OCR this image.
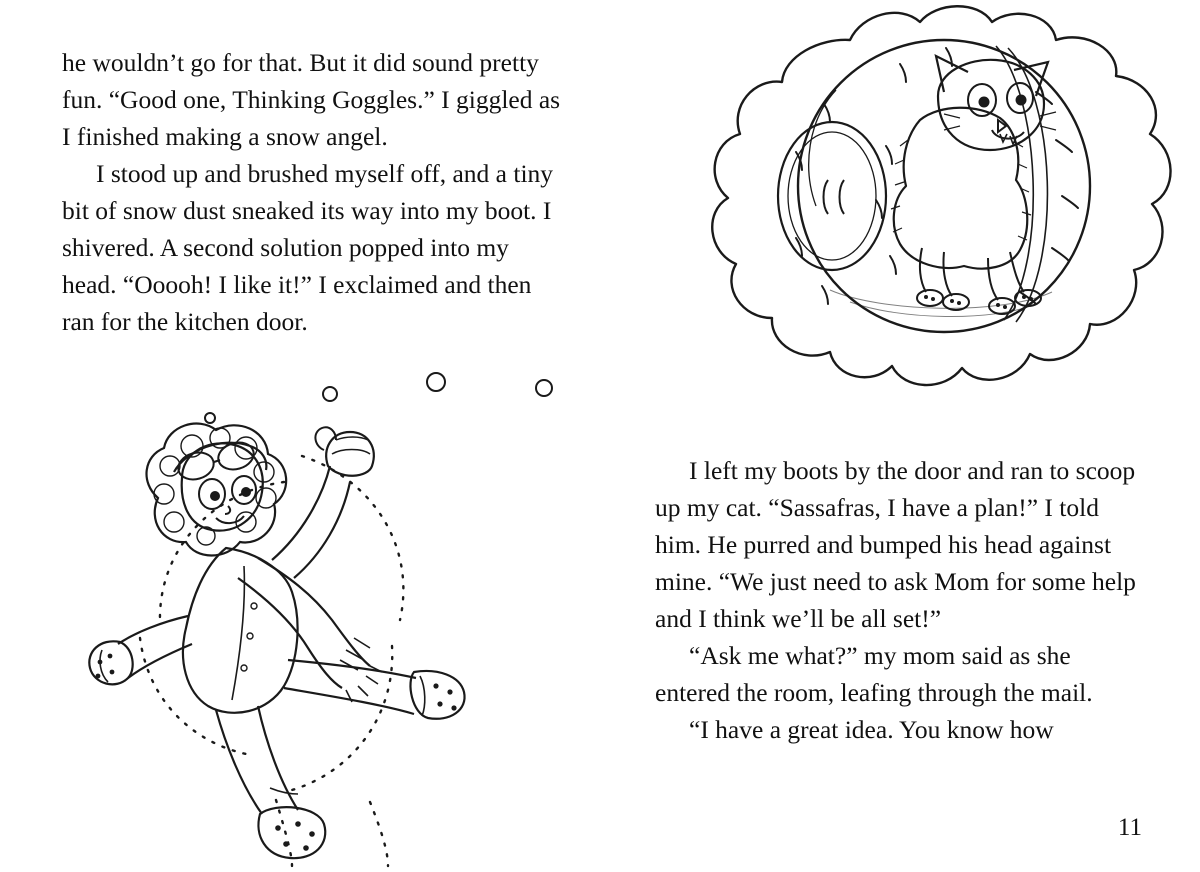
he wouldn’t go for that. But it did sound pretty fun. “Good one, Thinking Goggles.” I giggled as I finished making a snow angel.

I stood up and brushed myself off, and a tiny bit of snow dust sneaked its way into my boot. I shivered. A second solution popped into my head. “Ooooh! I like it!” I exclaimed and then ran for the kitchen door.

I left my boots by the door and ran to scoop up my cat. “Sassafras, I have a plan!” I told him. He purred and bumped his head against mine. “We just need to ask Mom for some help and I think we’ll be all set!”

“Ask me what?” my mom said as she entered the room, leafing through the mail.

“I have a great idea. You know how

11
